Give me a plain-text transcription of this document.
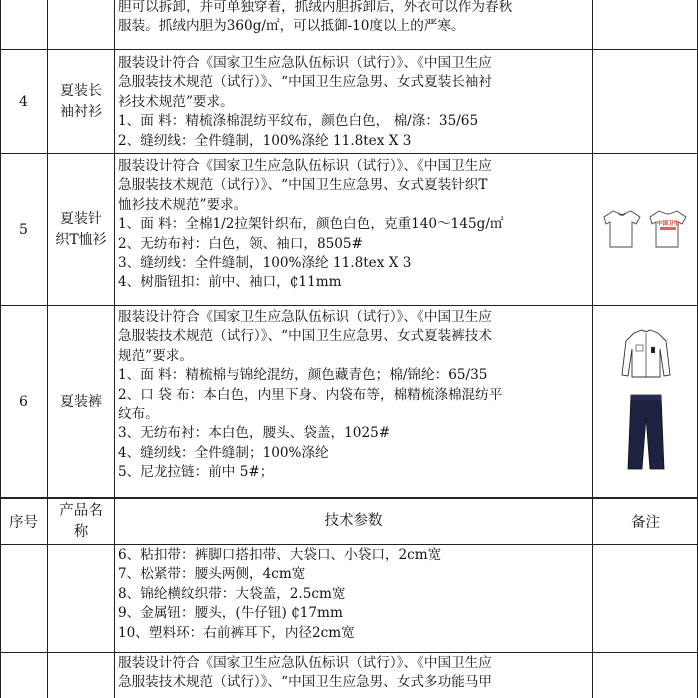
胆可以拆卸，并可单独穿着，抓绒内胆拆卸后，外衣可以作为春秋
服装。抓绒内胆为360g/㎡，可以抵御-10度以上的严寒。
4
夏装长袖衬衫
服装设计符合《国家卫生应急队伍标识（试行）》、《中国卫生应
急服装技术规范（试行）》、“中国卫生应急男、女式夏装长袖衬
衫技术规范”要求。
1、面 料：精梳涤棉混纺平纹布，颜色白色， 棉/涤：35/65
2、缝纫线：全件缝制，100%涤纶 11.8tex X 3
5
夏装针织T恤衫
服装设计符合《国家卫生应急队伍标识（试行）》、《中国卫生应
急服装技术规范（试行）》、“中国卫生应急男、女式夏装针织T
恤衫技术规范”要求。
1、面 料：全棉1/2拉架针织布，颜色白色，克重140～145g/㎡
2、无纺布衬：白色，领、袖口，8505#
3、缝纫线：全件缝制，100%涤纶 11.8tex X 3
4、树脂钮扣：前中、袖口，₵11mm
中国卫生
6	夏装裤
服装设计符合《国家卫生应急队伍标识（试行）》、《中国卫生应
急服装技术规范（试行）》、“中国卫生应急男、女式夏装裤技术
规范”要求。
1、面 料：精梳棉与锦纶混纺，颜色藏青色；棉/锦纶：65/35
2、口 袋 布：本白色，内里下身、内袋布等，棉精梳涤棉混纺平
纹布。
3、无纺布衬：本白色，腰头、袋盖，1025#
4、缝纫线：全件缝制；100%涤纶
5、尼龙拉链：前中 5#；
序号
产品名称
技术参数	备注
6、粘扣带：裤脚口搭扣带、大袋口、小袋口，2cm宽
7、松紧带：腰头两侧，4cm宽
8、锦纶横纹织带：大袋盖，2.5cm宽
9、金属钮：腰头，(牛仔钮) ₵17mm
10、塑料环：右前裤耳下，内径2cm宽
服装设计符合《国家卫生应急队伍标识（试行）》、《中国卫生应
急服装技术规范（试行）》、“中国卫生应急男、女式多功能马甲
